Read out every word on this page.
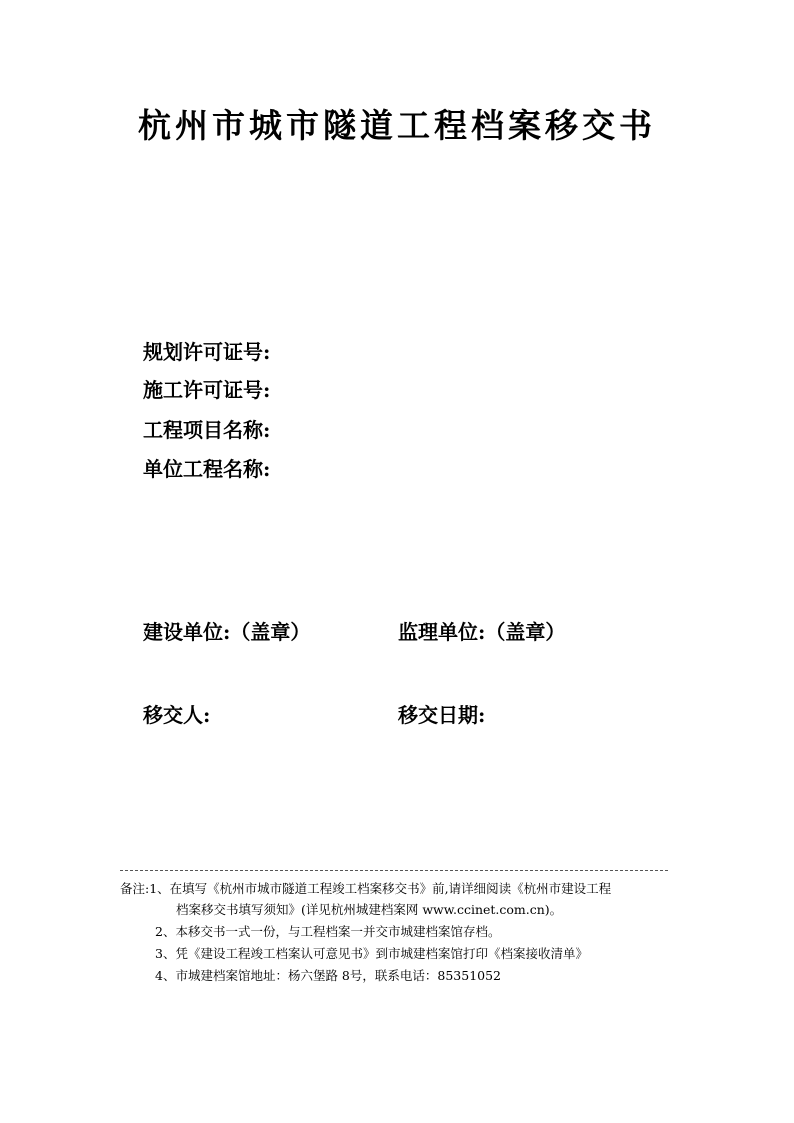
杭州市城市隧道工程档案移交书
规划许可证号:
施工许可证号:
工程项目名称:
单位工程名称:
建设单位:（盖章）	监理单位:（盖章）
移交人:	移交日期:
备注:1、在填写《杭州市城市隧道工程竣工档案移交书》前,请详细阅读《杭州市建设工程
档案移交书填写须知》(详见杭州城建档案网 www.ccinet.com.cn)。
2、本移交书一式一份，与工程档案一并交市城建档案馆存档。
3、凭《建设工程竣工档案认可意见书》到市城建档案馆打印《档案接收清单》
4、市城建档案馆地址：杨六堡路 8号，联系电话：85351052
